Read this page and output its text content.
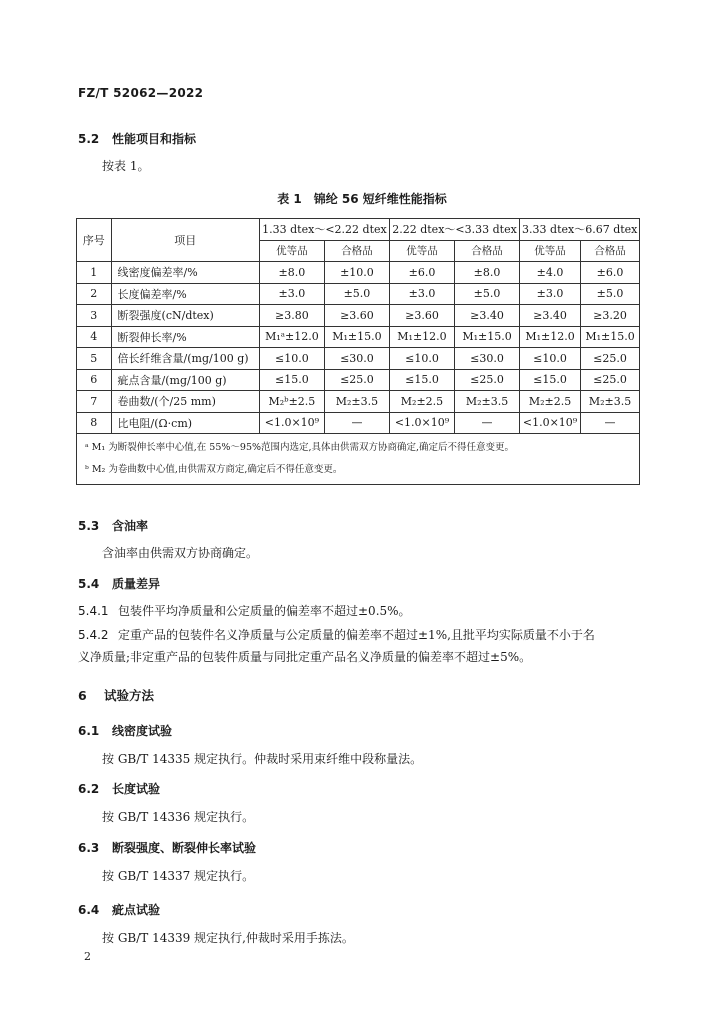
FZ/T 52062—2022
5.2 性能项目和指标
按表 1。
表 1　锦纶 56 短纤维性能指标
序号	项目	1.33 dtex～<2.22 dtex		2.22 dtex～<3.33 dtex		3.33 dtex～6.67 dtex	
		优等品	合格品	优等品	合格品	优等品	合格品
1	线密度偏差率/%	±8.0	±10.0	±6.0	±8.0	±4.0	±6.0
2	长度偏差率/%	±3.0	±5.0	±3.0	±5.0	±3.0	±5.0
3	断裂强度(cN/dtex)	≥3.80	≥3.60	≥3.60	≥3.40	≥3.40	≥3.20
4	断裂伸长率/%	M₁ᵃ±12.0	M₁±15.0	M₁±12.0	M₁±15.0	M₁±12.0	M₁±15.0
5	倍长纤维含量/(mg/100 g)	≤10.0	≤30.0	≤10.0	≤30.0	≤10.0	≤25.0
6	疵点含量/(mg/100 g)	≤15.0	≤25.0	≤15.0	≤25.0	≤15.0	≤25.0
7	卷曲数/(个/25 mm)	M₂ᵇ±2.5	M₂±3.5	M₂±2.5	M₂±3.5	M₂±2.5	M₂±3.5
8	比电阻/(Ω·cm)	<1.0×10⁹	—	<1.0×10⁹	—	<1.0×10⁹	—

ᵃ M₁ 为断裂伸长率中心值,在 55%～95%范围内选定,具体由供需双方协商确定,确定后不得任意变更。
ᵇ M₂ 为卷曲数中心值,由供需双方商定,确定后不得任意变更。							
5.3 含油率
含油率由供需双方协商确定。
5.4 质量差异
5.4.1 包装件平均净质量和公定质量的偏差率不超过±0.5%。
5.4.2 定重产品的包装件名义净质量与公定质量的偏差率不超过±1%,且批平均实际质量不小于名
义净质量;非定重产品的包装件质量与同批定重产品名义净质量的偏差率不超过±5%。
6 试验方法
6.1 线密度试验
按 GB/T 14335 规定执行。仲裁时采用束纤维中段称量法。
6.2 长度试验
按 GB/T 14336 规定执行。
6.3 断裂强度、断裂伸长率试验
按 GB/T 14337 规定执行。
6.4 疵点试验
按 GB/T 14339 规定执行,仲裁时采用手拣法。
2
